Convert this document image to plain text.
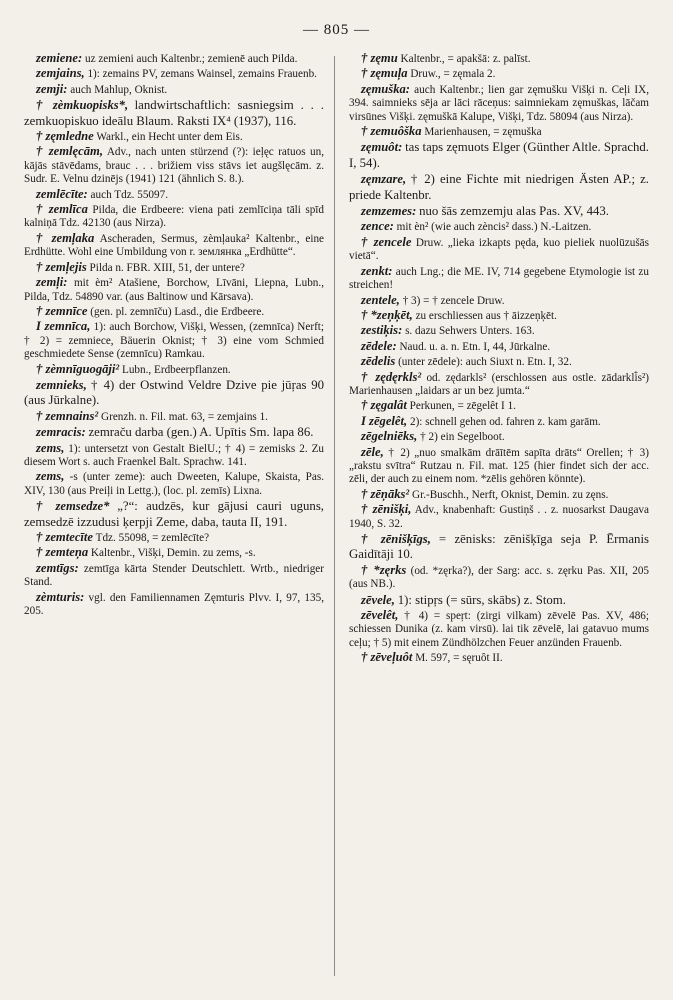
— 805 —

zemiene: uz zemieni auch Kaltenbr.; zemienē auch Pilda.

zemjains, 1): zemains PV, zemans Wainsel, zemains Frauenb.

zemji: auch Mahlup, Oknist.

† zèmkuopisks*, landwirtschaftlich: sasniegsim . . . zemkuopiskuo ideālu Blaum. Raksti IX⁴ (1937), 116.

† zęmledne Warkl., ein Hecht unter dem Eis.

† zemlęcām, Adv., nach unten stürzend (?): ieļęc ratuos un, kājās stāvēdams, brauc . . . brižiem viss stāvs iet augšlęcām. z. Sudr. E. Velnu dzinējs (1941) 121 (ähnlich S. 8.).

zemlēcīte: auch Tdz. 55097.

† zemlīca Pilda, die Erdbeere: viena pati zemlīciņa tāli spīd kalniņā Tdz. 42130 (aus Nirza).

† zemļaka Ascheraden, Sermus, zèmļauka² Kaltenbr., eine Erdhütte. Wohl eine Umbildung von r. землянка „Erdhütte“.

† zemļejis Pilda n. FBR. XIII, 51, der untere?

zemļi: mit èm² Atašiene, Borchow, Līvāni, Liepna, Lubn., Pilda, Tdz. 54890 var. (aus Baltinow und Kārsava).

† zemnīce (gen. pl. zemnīču) Lasd., die Erdbeere.

I zemnīca, 1): auch Borchow, Višķi, Wessen, (zemnīca) Nerft; † 2) = zemniece, Bäuerin Oknist; † 3) eine vom Schmied geschmiedete Sense (zemnīcu) Ramkau.

† zèmnīguogāji² Lubn., Erdbeerpflanzen.

zemnieks, † 4) der Ostwind Veldre Dzive pie jūŗas 90 (aus Jūrkalne).

† zemnains² Grenzh. n. Fil. mat. 63, = zemjains 1.

zemracis: zemraču darba (gen.) A. Upītis Sm. lapa 86.

zems, 1): untersetzt von Gestalt BielU.; † 4) = zemisks 2. Zu diesem Wort s. auch Fraenkel Balt. Sprachw. 141.

zems, -s (unter zeme): auch Dweeten, Kalupe, Skaista, Pas. XIV, 130 (aus Preiļi in Lettg.), (loc. pl. zemīs) Lixna.

† zemsedze* „?“: audzēs, kur gājusi cauri uguns, zemsedzē izzudusi ķerpji Zeme, daba, tauta II, 191.

† zemtecīte Tdz. 55098, = zemlēcīte?

† zemteņa Kaltenbr., Višķi, Demin. zu zems, -s.

zemtīgs: zemtīga kārta Stender Deutschlett. Wrtb., niedriger Stand.

zèmturis: vgl. den Familiennamen Zęmturis Plvv. I, 97, 135, 205.

† zęmu Kaltenbr., = apakšā: z. palīst.

† zęmuļa Druw., = zęmala 2.

zęmuška: auch Kaltenbr.; lien gar zęmušku Višķi n. Ceļi IX, 394. saimnieks sēja ar lāci rāceņus: saimniekam zęmuškas, lāčam virsūnes Višķi. zęmuškā Kalupe, Višķi, Tdz. 58094 (aus Nirza).

† zemuôška Marienhausen, = zęmuška

zęmuôt: tas taps zęmuots Elger (Günther Altle. Sprachd. I, 54).

zęmzare, † 2) eine Fichte mit niedrigen Ästen AP.; z. priede Kaltenbr.

zemzemes: nuo šās zemzemju alas Pas. XV, 443.

zence: mit èn² (wie auch zèncis² dass.) N.-Laitzen.

† zencele Druw. „lieka izkapts pęda, kuo pieliek nuolūzušās vietā“.

zenkt: auch Lng.; die ME. IV, 714 gegebene Etymologie ist zu streichen!

zentele, † 3) = † zencele Druw.

† *zeņķēt, zu erschliessen aus † āizzeņķēt.

zestiķis: s. dazu Sehwers Unters. 163.

zēdele: Naud. u. a. n. Etn. I, 44, Jūrkalne.

zēdelis (unter zēdele): auch Siuxt n. Etn. I, 32.

† zędęrkls² od. zędarkls² (erschlossen aus ostle. zādarkli̇̄s²) Marienhausen „laidars ar un bez jumta.“

† zęgalât Perkunen, = zēgelêt I 1.

I zēgelêt, 2): schnell gehen od. fahren z. kam garām.

zēgelniēks, † 2) ein Segelboot.

zēle, † 2) „nuo smalkām drāītēm sapīta drāts“ Orellen; † 3) „rakstu svītra“ Rutzau n. Fil. mat. 125 (hier findet sich der acc. zēli, der auch zu einem nom. *zēlis gehören könnte).

† zēņāks² Gr.-Buschh., Nerft, Oknist, Demin. zu zęns.

† zēnišķi, Adv., knabenhaft: Gustiņš . . z. nuosarkst Daugava 1940, S. 32.

† zēnišķīgs, = zēnisks: zēnišķīga seja P. Ērmanis Gaidītāji 10.

† *zęrks (od. *zęrka?), der Sarg: acc. s. zęrku Pas. XII, 205 (aus NB.).

zēvele, 1): stipŗs (= sūrs, skābs) z. Stom.

zēvelêt, † 4) = speŗt: (zirgi vilkam) zēvelē Pas. XV, 486; schiessen Dunika (z. kam virsū). lai tik zēvelē, lai gatavuo mums ceļu; † 5) mit einem Zündhölzchen Feuer anzünden Frauenb.

† zēveļuôt M. 597, = sęruôt II.
